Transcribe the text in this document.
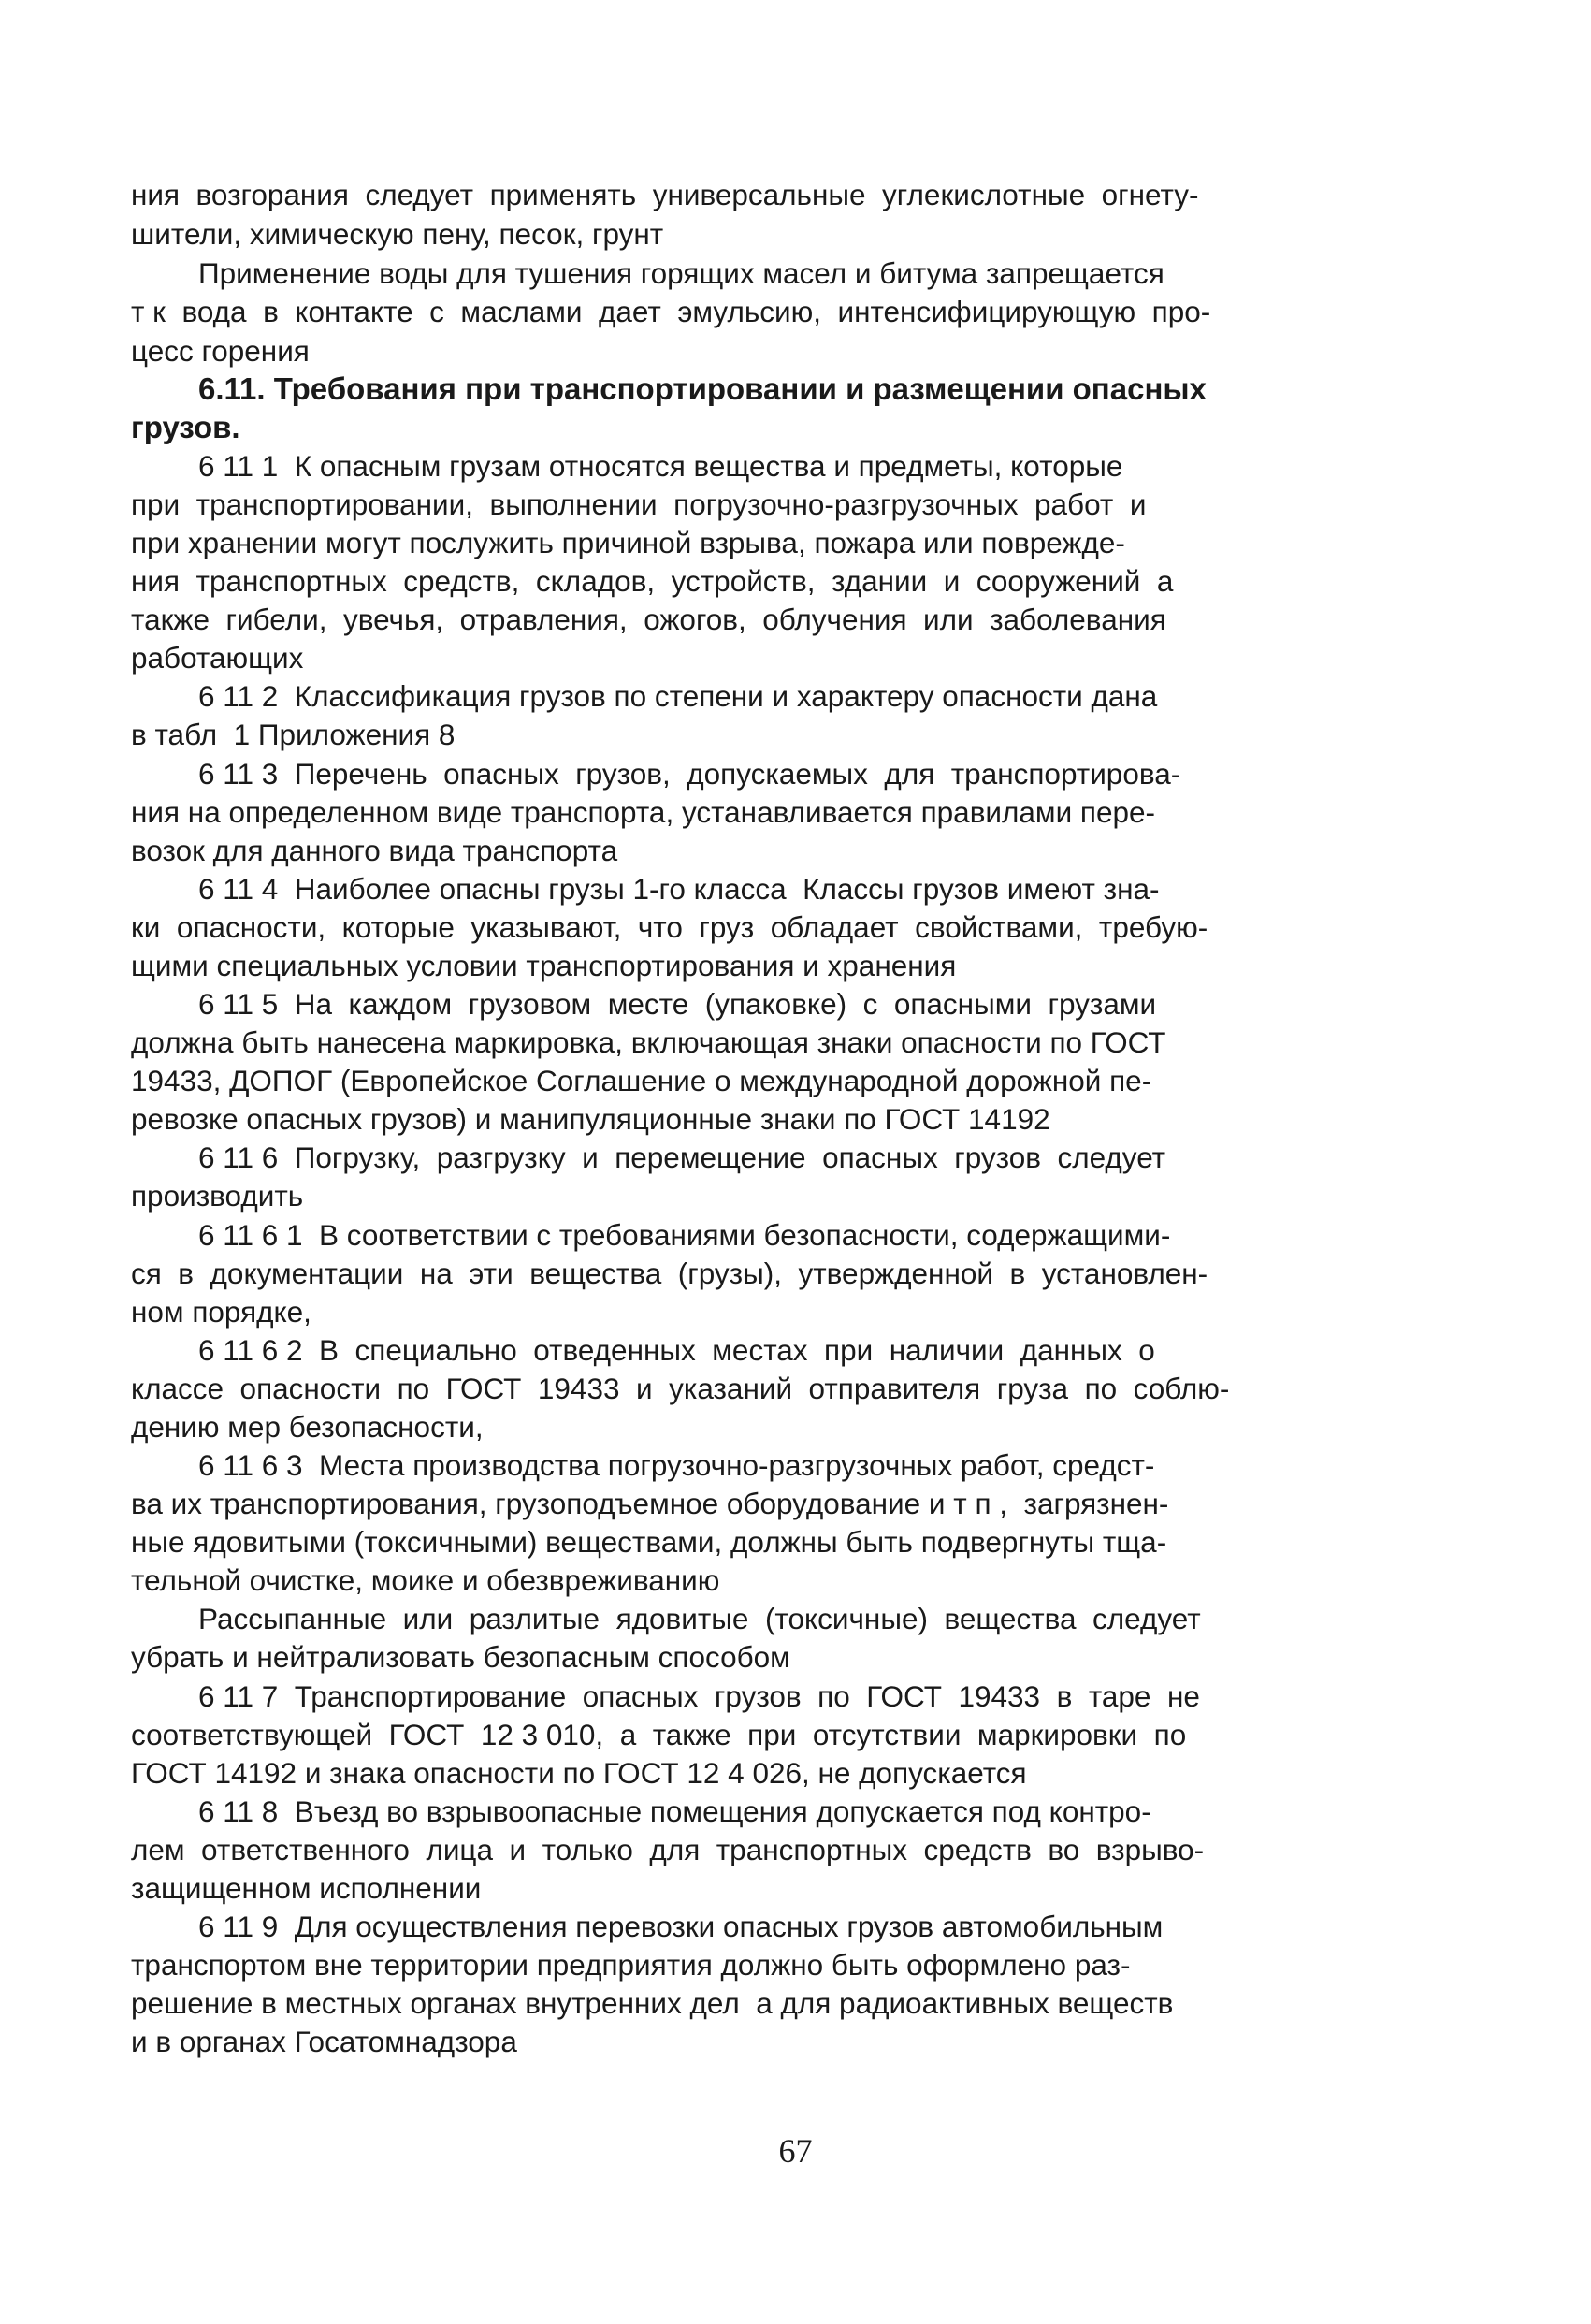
ния  возгорания  следует  применять  универсальные  углекислотные  огнету-

шители, химическую пену, песок, грунт

Применение воды для тушения горящих масел и битума запрещается

т к  вода  в  контакте  с  маслами  дает  эмульсию,  интенсифицирующую  про-

цесс горения

6.11. Требования при транспортировании и размещении опасных

грузов.

6 11 1  К опасным грузам относятся вещества и предметы, которые

при  транспортировании,  выполнении  погрузочно-разгрузочных  работ  и

при хранении могут послужить причиной взрыва, пожара или поврежде-

ния  транспортных  средств,  складов,  устройств,  здании  и  сооружений  а

также  гибели,  увечья,  отравления,  ожогов,  облучения  или  заболевания

работающих

6 11 2  Классификация грузов по степени и характеру опасности дана

в табл  1 Приложения 8

6 11 3  Перечень  опасных  грузов,  допускаемых  для  транспортирова-

ния на определенном виде транспорта, устанавливается правилами пере-

возок для данного вида транспорта

6 11 4  Наиболее опасны грузы 1-го класса  Классы грузов имеют зна-

ки  опасности,  которые  указывают,  что  груз  обладает  свойствами,  требую-

щими специальных условии транспортирования и хранения

6 11 5  На  каждом  грузовом  месте  (упаковке)  с  опасными  грузами

должна быть нанесена маркировка, включающая знаки опасности по ГОСТ

19433, ДОПОГ (Европейское Соглашение о международной дорожной пе-

ревозке опасных грузов) и манипуляционные знаки по ГОСТ 14192

6 11 6  Погрузку,  разгрузку  и  перемещение  опасных  грузов  следует

производить

6 11 6 1  В соответствии с требованиями безопасности, содержащими-

ся  в  документации  на  эти  вещества  (грузы),  утвержденной  в  установлен-

ном порядке,

6 11 6 2  В  специально  отведенных  местах  при  наличии  данных  о

классе  опасности  по  ГОСТ  19433  и  указаний  отправителя  груза  по  соблю-

дению мер безопасности,

6 11 6 3  Места производства погрузочно-разгрузочных работ, средст-

ва их транспортирования, грузоподъемное оборудование и т п ,  загрязнен-

ные ядовитыми (токсичными) веществами, должны быть подвергнуты тща-

тельной очистке, моике и обезвреживанию

Рассыпанные  или  разлитые  ядовитые  (токсичные)  вещества  следует

убрать и нейтрализовать безопасным способом

6 11 7  Транспортирование  опасных  грузов  по  ГОСТ  19433  в  таре  не

соответствующей  ГОСТ  12 3 010,  а  также  при  отсутствии  маркировки  по

ГОСТ 14192 и знака опасности по ГОСТ 12 4 026, не допускается

6 11 8  Въезд во взрывоопасные помещения допускается под контро-

лем  ответственного  лица  и  только  для  транспортных  средств  во  взрыво-

защищенном исполнении

6 11 9  Для осуществления перевозки опасных грузов автомобильным

транспортом вне территории предприятия должно быть оформлено раз-

решение в местных органах внутренних дел  а для радиоактивных веществ

и в органах Госатомнадзора

67
